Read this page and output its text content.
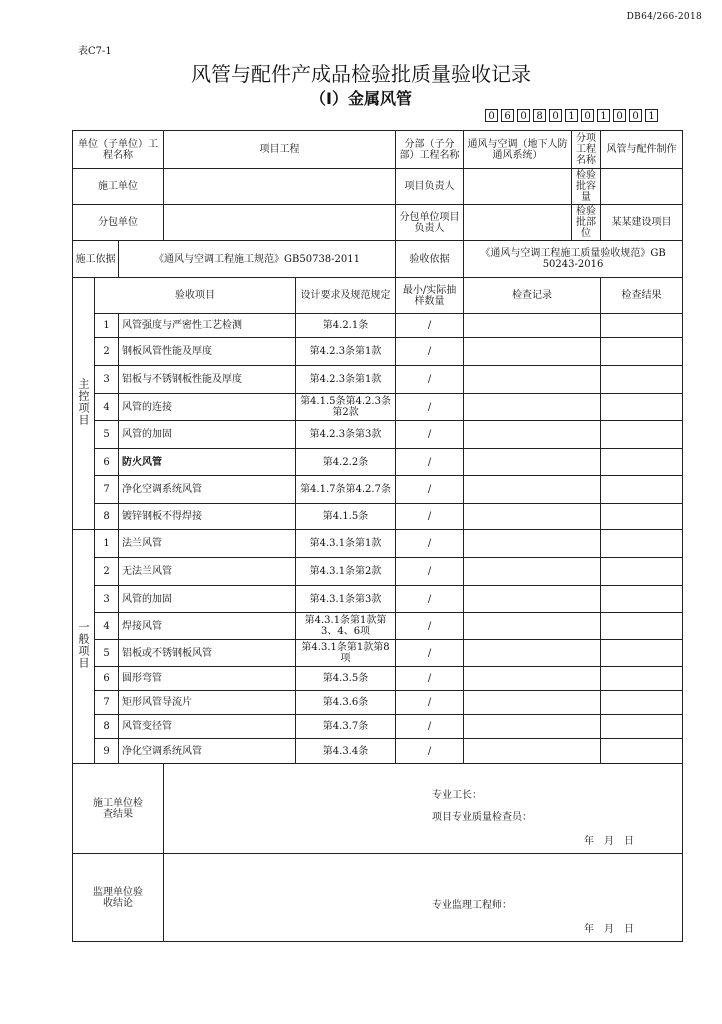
DB64/266-2018
表C7-1
风管与配件产成品检验批质量验收记录
（I）金属风管
0 6 0 8 0 1 0 1 0 0 1
单位（子单位）工程名称			项目工程		分部（子分部）工程名称	通风与空调（地下人防通风系统）	分项工程名称	风管与配件制作
施工单位					项目负责人		检验批容量	
分包单位					分包单位项目负责人		检验批部位	某某建设项目
施工依据		《通风与空调工程施工规范》GB50738-2011			验收依据	《通风与空调工程施工质量验收规范》GB 50243-2016		
主控项目	验收项目			设计要求及规范规定	最小/实际抽样数量	检查记录		检查结果
	1	风管强度与严密性工艺检测		第4.2.1条	/			
	2	钢板风管性能及厚度		第4.2.3条第1款	/			
	3	铝板与不锈钢板性能及厚度		第4.2.3条第1款	/			
	4	风管的连接		第4.1.5条第4.2.3条第2款	/			
	5	风管的加固		第4.2.3条第3款	/			
	6	防火风管		第4.2.2条	/			
	7	净化空调系统风管		第4.1.7条第4.2.7条	/			
	8	镀锌钢板不得焊接		第4.1.5条	/			
一般项目	1	法兰风管		第4.3.1条第1款	/			
	2	无法兰风管		第4.3.1条第2款	/			
	3	风管的加固		第4.3.1条第3款	/			
	4	焊接风管		第4.3.1条第1款第3、4、6项	/			
	5	铝板或不锈钢板风管		第4.3.1条第1款第8项	/			
	6	圆形弯管		第4.3.5条	/			
	7	矩形风管导流片		第4.3.6条	/			
	8	风管变径管		第4.3.7条	/			
	9	净化空调系统风管		第4.3.4条	/			
施工单位检查结果			专业工长：
项目专业质量检查员：
年　月　日					

监理单位验收结论			专业监理工程师：
年　月　日					
